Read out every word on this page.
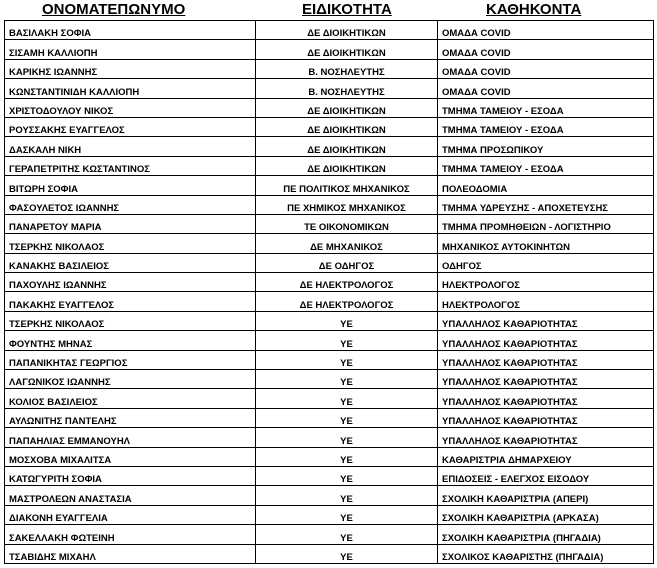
ΟΝΟΜΑΤΕΠΩΝΥΜΟ	ΕΙΔΙΚΟΤΗΤΑ	ΚΑΘΗΚΟΝΤΑ
ΒΑΣΙΛΑΚΗ ΣΟΦΙΑ	ΔΕ ΔΙΟΙΚΗΤΙΚΩΝ	ΟΜΑΔΑ COVID
ΣΙΣΑΜΗ ΚΑΛΛΙΟΠΗ	ΔΕ ΔΙΟΙΚΗΤΙΚΩΝ	ΟΜΑΔΑ COVID
ΚΑΡΙΚΗΣ ΙΩΑΝΝΗΣ	Β. ΝΟΣΗΛΕΥΤΗΣ	ΟΜΑΔΑ COVID
ΚΩΝΣΤΑΝΤΙΝΙΔΗ ΚΑΛΛΙΟΠΗ	Β. ΝΟΣΗΛΕΥΤΗΣ	ΟΜΑΔΑ COVID
ΧΡΙΣΤΟΔΟΥΛΟΥ ΝΙΚΟΣ	ΔΕ ΔΙΟΙΚΗΤΙΚΩΝ	ΤΜΗΜΑ ΤΑΜΕΙΟΥ - ΕΣΟΔΑ
ΡΟΥΣΣΑΚΗΣ ΕΥΑΓΓΕΛΟΣ	ΔΕ ΔΙΟΙΚΗΤΙΚΩΝ	ΤΜΗΜΑ ΤΑΜΕΙΟΥ - ΕΣΟΔΑ
ΔΑΣΚΑΛΗ ΝΙΚΗ	ΔΕ ΔΙΟΙΚΗΤΙΚΩΝ	ΤΜΗΜΑ ΠΡΟΣΩΠΙΚΟΥ
ΓΕΡΑΠΕΤΡΙΤΗΣ ΚΩΣΤΑΝΤΙΝΟΣ	ΔΕ ΔΙΟΙΚΗΤΙΚΩΝ	ΤΜΗΜΑ ΤΑΜΕΙΟΥ - ΕΣΟΔΑ
ΒΙΤΩΡΗ ΣΟΦΙΑ	ΠΕ ΠΟΛΙΤΙΚΟΣ ΜΗΧΑΝΙΚΟΣ	ΠΟΛΕΟΔΟΜΙΑ
ΦΑΣΟΥΛΕΤΟΣ ΙΩΑΝΝΗΣ	ΠΕ ΧΗΜΙΚΟΣ ΜΗΧΑΝΙΚΟΣ	ΤΜΗΜΑ ΥΔΡΕΥΣΗΣ - ΑΠΟΧΕΤΕΥΣΗΣ
ΠΑΝΑΡΕΤΟΥ ΜΑΡΙΑ	ΤΕ ΟΙΚΟΝΟΜΙΚΩΝ	ΤΜΗΜΑ ΠΡΟΜΗΘΕΙΩΝ - ΛΟΓΙΣΤΗΡΙΟ
ΤΣΕΡΚΗΣ ΝΙΚΟΛΑΟΣ	ΔΕ ΜΗΧΑΝΙΚΟΣ	ΜΗΧΑΝΙΚΟΣ ΑΥΤΟΚΙΝΗΤΩΝ
ΚΑΝΑΚΗΣ ΒΑΣΙΛΕΙΟΣ	ΔΕ ΟΔΗΓΟΣ	ΟΔΗΓΟΣ
ΠΑΧΟΥΛΗΣ ΙΩΑΝΝΗΣ	ΔΕ ΗΛΕΚΤΡΟΛΟΓΟΣ	ΗΛΕΚΤΡΟΛΟΓΟΣ
ΠΑΚΑΚΗΣ ΕΥΑΓΓΕΛΟΣ	ΔΕ ΗΛΕΚΤΡΟΛΟΓΟΣ	ΗΛΕΚΤΡΟΛΟΓΟΣ
ΤΣΕΡΚΗΣ ΝΙΚΟΛΑΟΣ	ΥΕ	ΥΠΑΛΛΗΛΟΣ ΚΑΘΑΡΙΟΤΗΤΑΣ
ΦΟΥΝΤΗΣ ΜΗΝΑΣ	ΥΕ	ΥΠΑΛΛΗΛΟΣ ΚΑΘΑΡΙΟΤΗΤΑΣ
ΠΑΠΑΝΙΚΗΤΑΣ ΓΕΩΡΓΙΟΣ	ΥΕ	ΥΠΑΛΛΗΛΟΣ ΚΑΘΑΡΙΟΤΗΤΑΣ
ΛΑΓΩΝΙΚΟΣ ΙΩΑΝΝΗΣ	ΥΕ	ΥΠΑΛΛΗΛΟΣ ΚΑΘΑΡΙΟΤΗΤΑΣ
ΚΟΛΙΟΣ ΒΑΣΙΛΕΙΟΣ	ΥΕ	ΥΠΑΛΛΗΛΟΣ ΚΑΘΑΡΙΟΤΗΤΑΣ
ΑΥΛΩΝΙΤΗΣ ΠΑΝΤΕΛΗΣ	ΥΕ	ΥΠΑΛΛΗΛΟΣ ΚΑΘΑΡΙΟΤΗΤΑΣ
ΠΑΠΑΗΛΙΑΣ ΕΜΜΑΝΟΥΗΛ	ΥΕ	ΥΠΑΛΛΗΛΟΣ ΚΑΘΑΡΙΟΤΗΤΑΣ
ΜΟΣΧΟΒΑ ΜΙΧΑΛΙΤΣΑ	ΥΕ	ΚΑΘΑΡΙΣΤΡΙΑ ΔΗΜΑΡΧΕΙΟΥ
ΚΑΤΩΓΥΡΙΤΗ ΣΟΦΙΑ	ΥΕ	ΕΠΙΔΟΣΕΙΣ - ΕΛΕΓΧΟΣ ΕΙΣΟΔΟΥ
ΜΑΣΤΡΟΛΕΩΝ ΑΝΑΣΤΑΣΙΑ	ΥΕ	ΣΧΟΛΙΚΗ ΚΑΘΑΡΙΣΤΡΙΑ (ΑΠΕΡΙ)
ΔΙΑΚΟΝΗ ΕΥΑΓΓΕΛΙΑ	ΥΕ	ΣΧΟΛΙΚΗ ΚΑΘΑΡΙΣΤΡΙΑ (ΑΡΚΑΣΑ)
ΣΑΚΕΛΛΑΚΗ ΦΩΤΕΙΝΗ	ΥΕ	ΣΧΟΛΙΚΗ ΚΑΘΑΡΙΣΤΡΙΑ (ΠΗΓΑΔΙΑ)
ΤΣΑΒΙΔΗΣ ΜΙΧΑΗΛ	ΥΕ	ΣΧΟΛΙΚΟΣ ΚΑΘΑΡΙΣΤΗΣ (ΠΗΓΑΔΙΑ)
